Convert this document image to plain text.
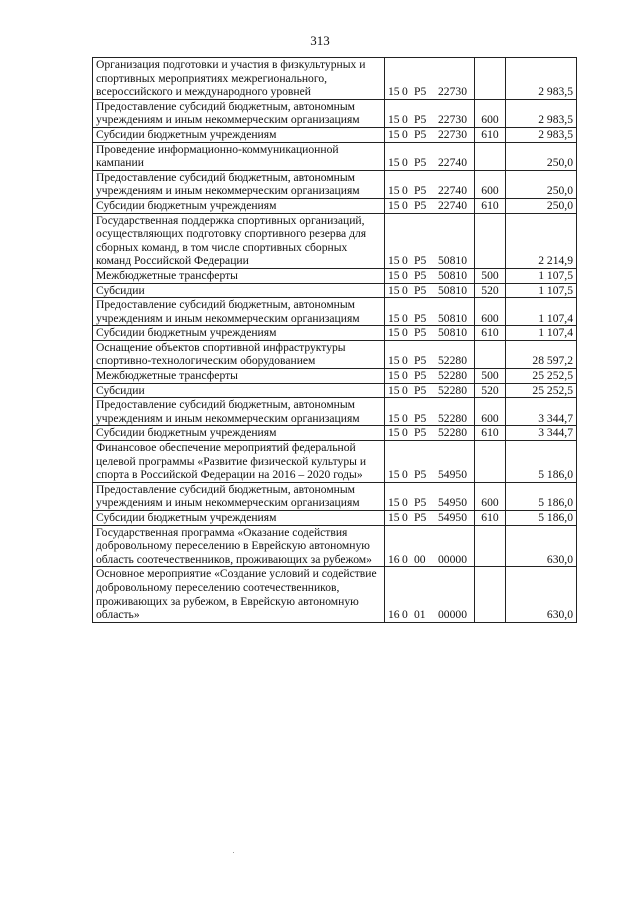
313
Организация подготовки и участия в физкультурных и спортивных мероприятиях межрегионального, всероссийского и международного уровней	15 0 Р5 22730		2 983,5
Предоставление субсидий бюджетным, автономным учреждениям и иным некоммерческим организациям	15 0 Р5 22730	600	2 983,5
Субсидии бюджетным учреждениям	15 0 Р5 22730	610	2 983,5
Проведение информационно-коммуникационной кампании	15 0 Р5 22740		250,0
Предоставление субсидий бюджетным, автономным учреждениям и иным некоммерческим организациям	15 0 Р5 22740	600	250,0
Субсидии бюджетным учреждениям	15 0 Р5 22740	610	250,0
Государственная поддержка спортивных организаций, осуществляющих подготовку спортивного резерва для сборных команд, в том числе спортивных сборных команд Российской Федерации	15 0 Р5 50810		2 214,9
Межбюджетные трансферты	15 0 Р5 50810	500	1 107,5
Субсидии	15 0 Р5 50810	520	1 107,5
Предоставление субсидий бюджетным, автономным учреждениям и иным некоммерческим организациям	15 0 Р5 50810	600	1 107,4
Субсидии бюджетным учреждениям	15 0 Р5 50810	610	1 107,4
Оснащение объектов спортивной инфраструктуры спортивно-технологическим оборудованием	15 0 Р5 52280		28 597,2
Межбюджетные трансферты	15 0 Р5 52280	500	25 252,5
Субсидии	15 0 Р5 52280	520	25 252,5
Предоставление субсидий бюджетным, автономным учреждениям и иным некоммерческим организациям	15 0 Р5 52280	600	3 344,7
Субсидии бюджетным учреждениям	15 0 Р5 52280	610	3 344,7
Финансовое обеспечение мероприятий федеральной целевой программы «Развитие физической культуры и спорта в Российской Федерации на 2016 – 2020 годы»	15 0 Р5 54950		5 186,0
Предоставление субсидий бюджетным, автономным учреждениям и иным некоммерческим организациям	15 0 Р5 54950	600	5 186,0
Субсидии бюджетным учреждениям	15 0 Р5 54950	610	5 186,0
Государственная программа «Оказание содействия добровольному переселению в Еврейскую автономную область соотечественников, проживающих за рубежом»	16 0 00 00000		630,0
Основное мероприятие «Создание условий и содействие добровольному переселению соотечественников, проживающих за рубежом, в Еврейскую автономную область»	16 0 01 00000		630,0
